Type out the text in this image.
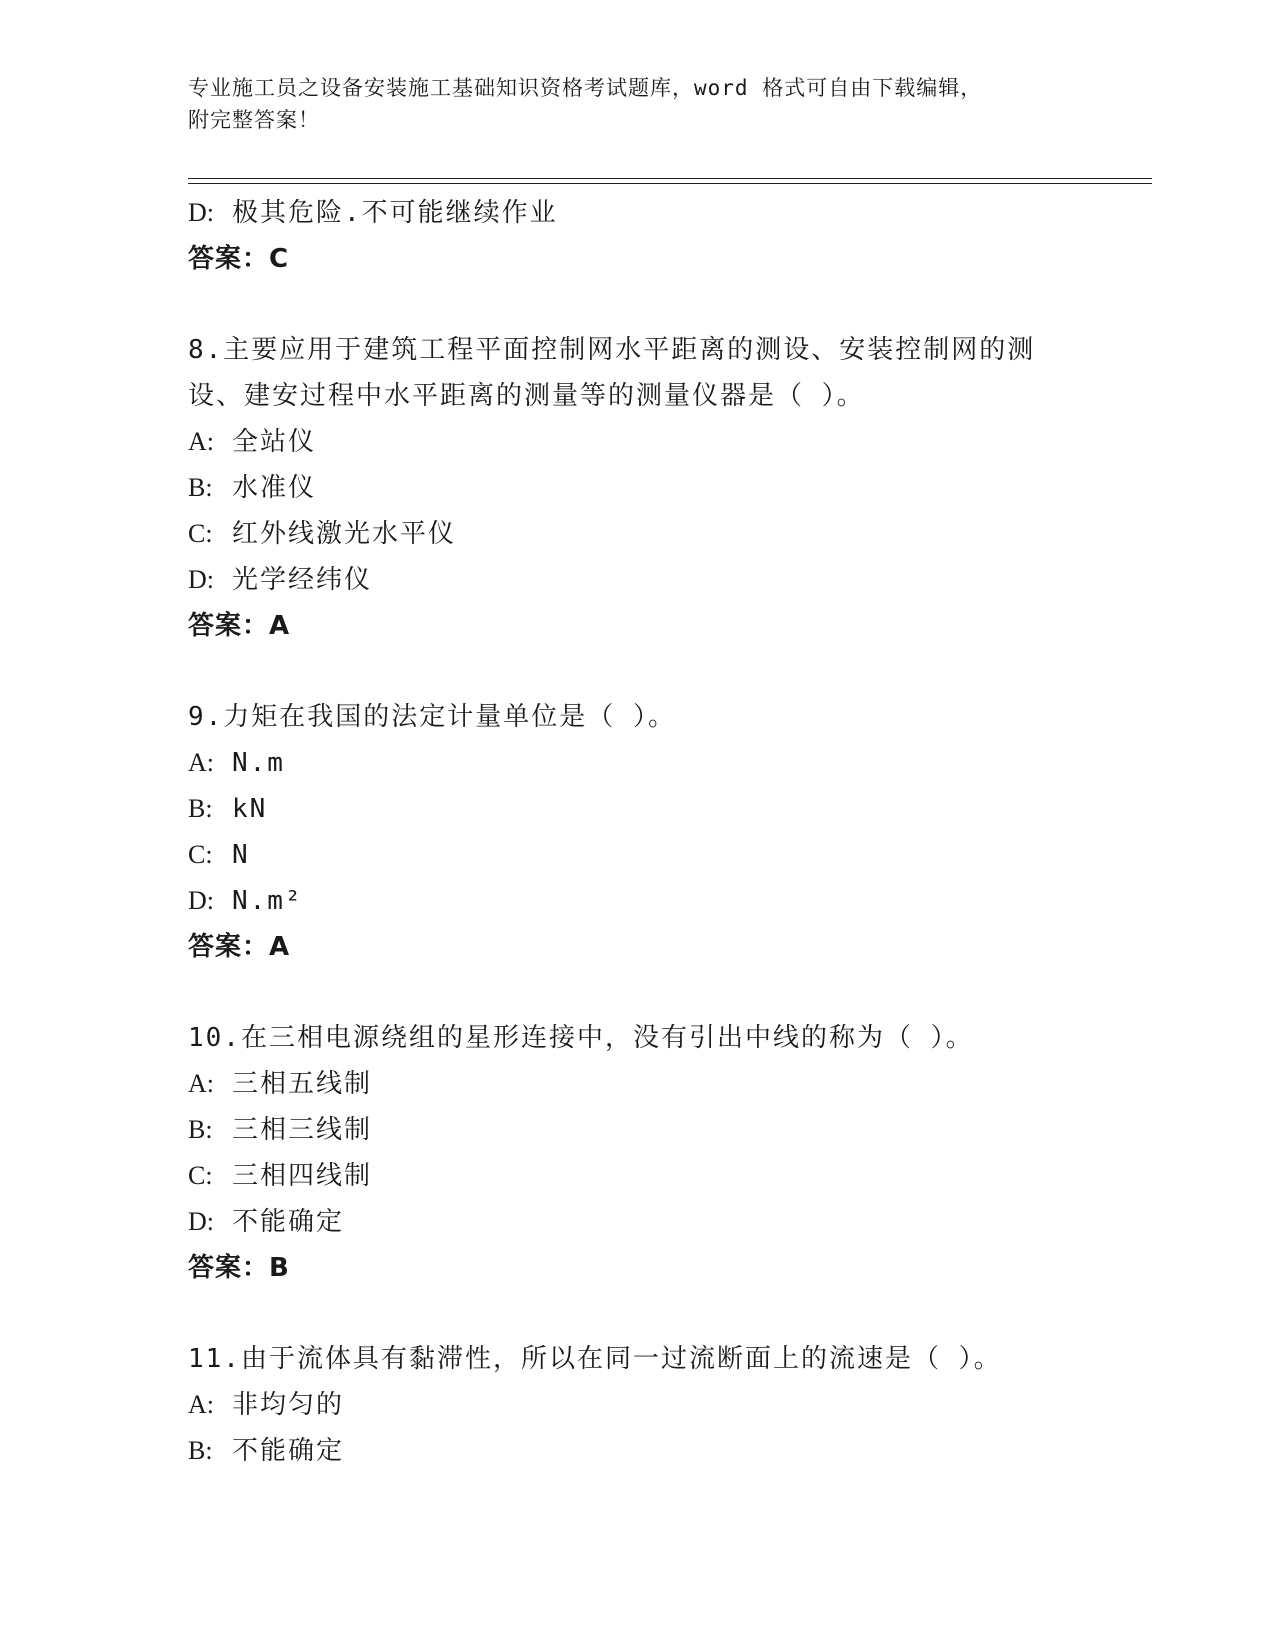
专业施工员之设备安装施工基础知识资格考试题库，word 格式可自由下载编辑，
附完整答案！
D: 极其危险.不可能继续作业
答案：C
8.主要应用于建筑工程平面控制网水平距离的测设、安装控制网的测
设、建安过程中水平距离的测量等的测量仪器是（ ）。
A: 全站仪
B: 水准仪
C: 红外线激光水平仪
D: 光学经纬仪
答案：A
9.力矩在我国的法定计量单位是（ ）。
A: N.m
B: kN
C: N
D: N.m²
答案：A
10.在三相电源绕组的星形连接中，没有引出中线的称为（ ）。
A: 三相五线制
B: 三相三线制
C: 三相四线制
D: 不能确定
答案：B
11.由于流体具有黏滞性，所以在同一过流断面上的流速是（ ）。
A: 非均匀的
B: 不能确定
